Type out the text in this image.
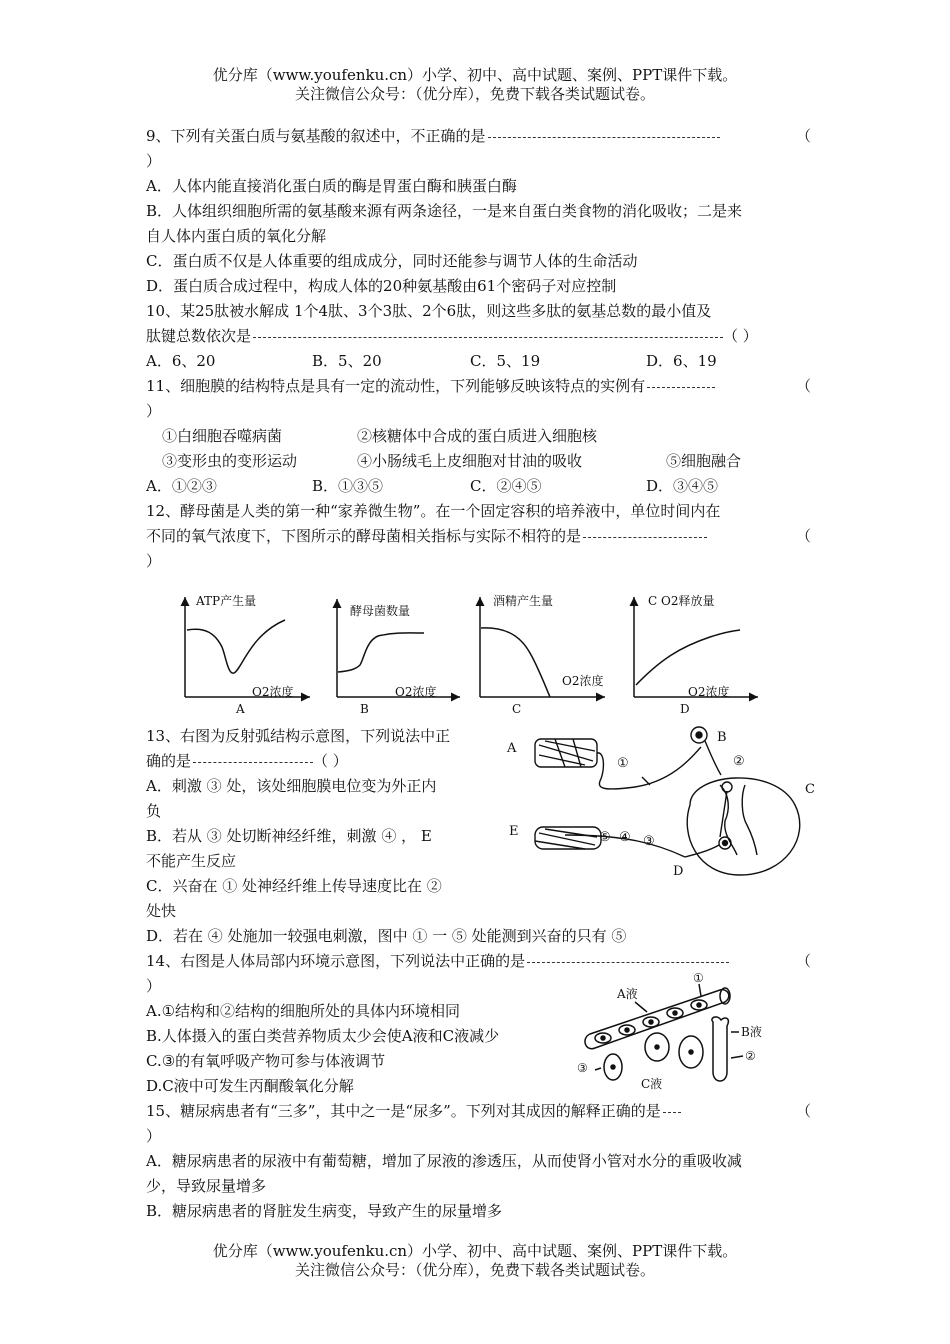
优分库（www.youfenku.cn）小学、初中、高中试题、案例、PPT课件下载。
关注微信公众号：（优分库），免费下载各类试题试卷。
9、下列有关蛋白质与氨基酸的叙述中，不正确的是	（
）
A．人体内能直接消化蛋白质的酶是胃蛋白酶和胰蛋白酶
B．人体组织细胞所需的氨基酸来源有两条途径，一是来自蛋白类食物的消化吸收；二是来
自人体内蛋白质的氧化分解
C．蛋白质不仅是人体重要的组成成分，同时还能参与调节人体的生命活动
D．蛋白质合成过程中，构成人体的20种氨基酸由61个密码子对应控制
10、某25肽被水解成 1个4肽、3个3肽、2个6肽，则这些多肽的氨基总数的最小值及
肽键总数依次是	（ ）
A．6、20	B．5、20	C．5、19	D．6、19
11、细胞膜的结构特点是具有一定的流动性，下列能够反映该特点的实例有	（
）
①白细胞吞噬病菌	②核糖体中合成的蛋白质进入细胞核
③变形虫的变形运动	④小肠绒毛上皮细胞对甘油的吸收	⑤细胞融合
A．①②③	B．①③⑤	C．②④⑤	D．③④⑤
12、酵母菌是人类的第一种“家养微生物”。在一个固定容积的培养液中，单位时间内在
不同的氧气浓度下，下图所示的酵母菌相关指标与实际不相符的是	（
）
ATP产生量
O2浓度
A
酵母菌数量
O2浓度
B
酒精产生量
O2浓度
C
C O2释放量
O2浓度
D
13、右图为反射弧结构示意图，下列说法中正
确的是	（ ）
A．刺激 ③ 处，该处细胞膜电位变为外正内
负
B．若从 ③ 处切断神经纤维，刺激 ④ ， E
不能产生反应
C．兴奋在 ① 处神经纤维上传导速度比在 ②
处快
D．若在 ④ 处施加一较强电刺激，图中 ① 一 ⑤ 处能测到兴奋的只有 ⑤
A
B
C
D
E
①	②
③
④
⑤
14、右图是人体局部内环境示意图，下列说法中正确的是	（
）
A.①结构和②结构的细胞所处的具体内环境相同
B.人体摄入的蛋白类营养物质太少会使A液和C液减少
C.③的有氧呼吸产物可参与体液调节
D.C液中可发生丙酮酸氧化分解
A液
①
B液
②
③
C液
15、糖尿病患者有“三多”，其中之一是“尿多”。下列对其成因的解释正确的是	（
）
A．糖尿病患者的尿液中有葡萄糖，增加了尿液的渗透压，从而使肾小管对水分的重吸收减
少，导致尿量增多
B．糖尿病患者的肾脏发生病变，导致产生的尿量增多
优分库（www.youfenku.cn）小学、初中、高中试题、案例、PPT课件下载。
关注微信公众号：（优分库），免费下载各类试题试卷。
